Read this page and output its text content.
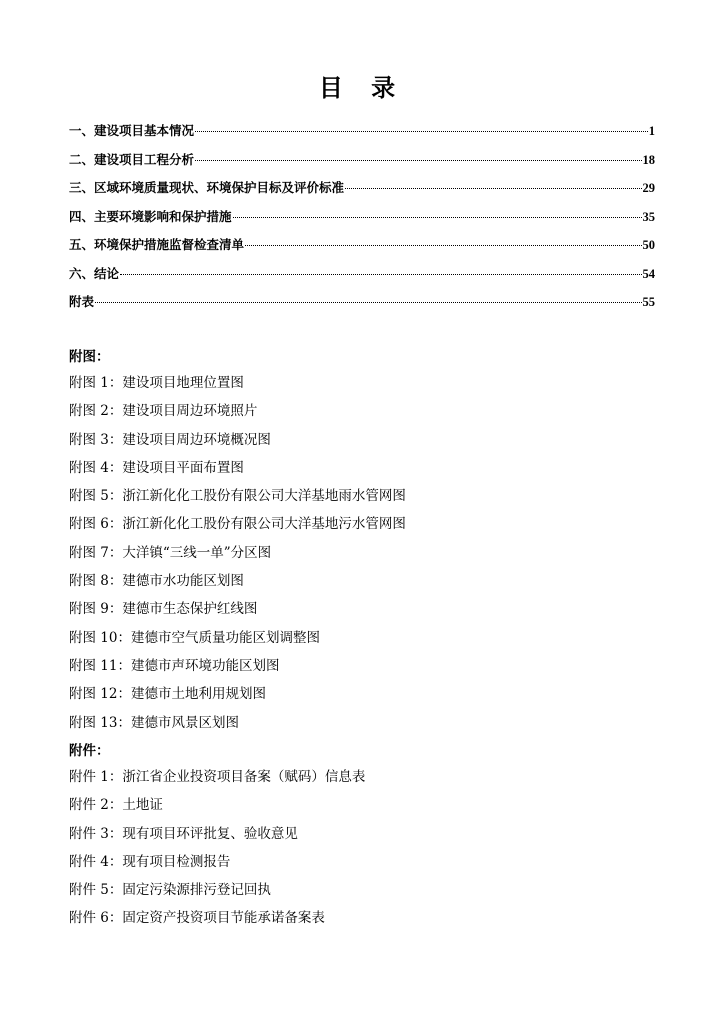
目 录
一、建设项目基本情况	1
二、建设项目工程分析	18
三、区域环境质量现状、环境保护目标及评价标准	29
四、主要环境影响和保护措施	35
五、环境保护措施监督检查清单	50
六、结论	54
附表	55
附图：
附图 1：建设项目地理位置图
附图 2：建设项目周边环境照片
附图 3：建设项目周边环境概况图
附图 4：建设项目平面布置图
附图 5：浙江新化化工股份有限公司大洋基地雨水管网图
附图 6：浙江新化化工股份有限公司大洋基地污水管网图
附图 7：大洋镇“三线一单”分区图
附图 8：建德市水功能区划图
附图 9：建德市生态保护红线图
附图 10：建德市空气质量功能区划调整图
附图 11：建德市声环境功能区划图
附图 12：建德市土地利用规划图
附图 13：建德市风景区划图
附件：
附件 1：浙江省企业投资项目备案（赋码）信息表
附件 2：土地证
附件 3：现有项目环评批复、验收意见
附件 4：现有项目检测报告
附件 5：固定污染源排污登记回执
附件 6：固定资产投资项目节能承诺备案表
